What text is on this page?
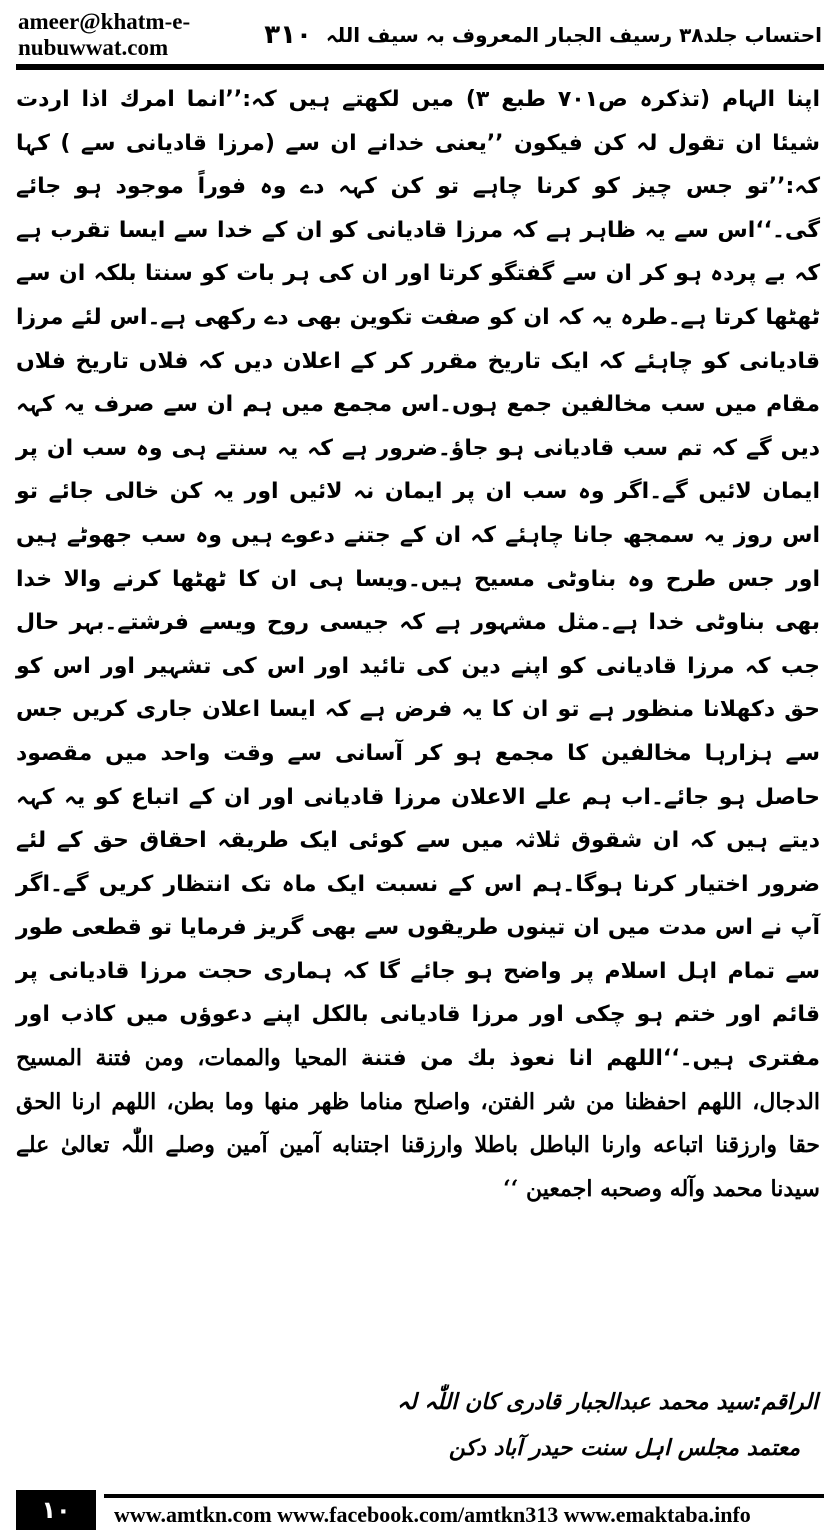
ameer@khatm-e-nubuwwat.com	احتساب جلد۳۸ رسیف الجبار المعروف بہ سیف اللہ
۳۱۰

اپنا الہام (تذکرہ ص۷۰۱ طبع ۳) میں لکھتے ہیں کہ:’’انما امرك اذا اردت شیئا ان تقول لہ کن فیکون ’’یعنی خدانے ان سے (مرزا قادیانی سے ) کہا کہ:’’تو جس چیز کو کرنا چاہے تو کن کہہ دے وہ فوراً موجود ہو جائے گی۔‘‘اس سے یہ ظاہر ہے کہ مرزا قادیانی کو ان کے خدا سے ایسا تقرب ہے کہ بے پردہ ہو کر ان سے گفتگو کرتا اور ان کی ہر بات کو سنتا بلکہ ان سے ٹھٹھا کرتا ہے۔طرہ یہ کہ ان کو صفت تکوین بھی دے رکھی ہے۔اس لئے مرزا قادیانی کو چاہئے کہ ایک تاریخ مقرر کر کے اعلان دیں کہ فلاں تاریخ فلاں مقام میں سب مخالفین جمع ہوں۔اس مجمع میں ہم ان سے صرف یہ کہہ دیں گے کہ تم سب قادیانی ہو جاؤ۔ضرور ہے کہ یہ سنتے ہی وہ سب ان پر ایمان لائیں گے۔اگر وہ سب ان پر ایمان نہ لائیں اور یہ کن خالی جائے تو اس روز یہ سمجھ جانا چاہئے کہ ان کے جتنے دعوے ہیں وہ سب جھوٹے ہیں اور جس طرح وہ بناوٹی مسیح ہیں۔ویسا ہی ان کا ٹھٹھا کرنے والا خدا بھی بناوٹی خدا ہے۔مثل مشہور ہے کہ جیسی روح ویسے فرشتے۔بہر حال جب کہ مرزا قادیانی کو اپنے دین کی تائید اور اس کی تشہیر اور اس کو حق دکھلانا منظور ہے تو ان کا یہ فرض ہے کہ ایسا اعلان جاری کریں جس سے ہزارہا مخالفین کا مجمع ہو کر آسانی سے وقت واحد میں مقصود حاصل ہو جائے۔اب ہم علے الاعلان مرزا قادیانی اور ان کے اتباع کو یہ کہہ دیتے ہیں کہ ان شقوق ثلاثہ میں سے کوئی ایک طریقہ احقاق حق کے لئے ضرور اختیار کرنا ہوگا۔ہم اس کے نسبت ایک ماہ تک انتظار کریں گے۔اگر آپ نے اس مدت میں ان تینوں طریقوں سے بھی گریز فرمایا تو قطعی طور سے تمام اہل اسلام پر واضح ہو جائے گا کہ ہماری حجت مرزا قادیانی پر قائم اور ختم ہو چکی اور مرزا قادیانی بالکل اپنے دعوؤں میں کاذب اور مفتری ہیں۔‘‘اللھم انا نعوذ بك من فتنة المحیا والممات، ومن فتنة المسیح الدجال، اللھم احفظنا من شر الفتن، واصلح مناما ظھر منھا وما بطن، اللھم ارنا الحق حقا وارزقنا اتباعه وارنا الباطل باطلا وارزقنا اجتنابه آمین آمین وصلے اللّٰہ تعالیٰ علے سیدنا محمد وآله وصحبه اجمعین ‘‘

الراقم:سید محمد عبدالجبار قادری کان اللّٰہ لہ
معتمد مجلس اہل سنت حیدر آباد دکن
۱۰	www.amtkn.com www.facebook.com/amtkn313 www.emaktaba.info
